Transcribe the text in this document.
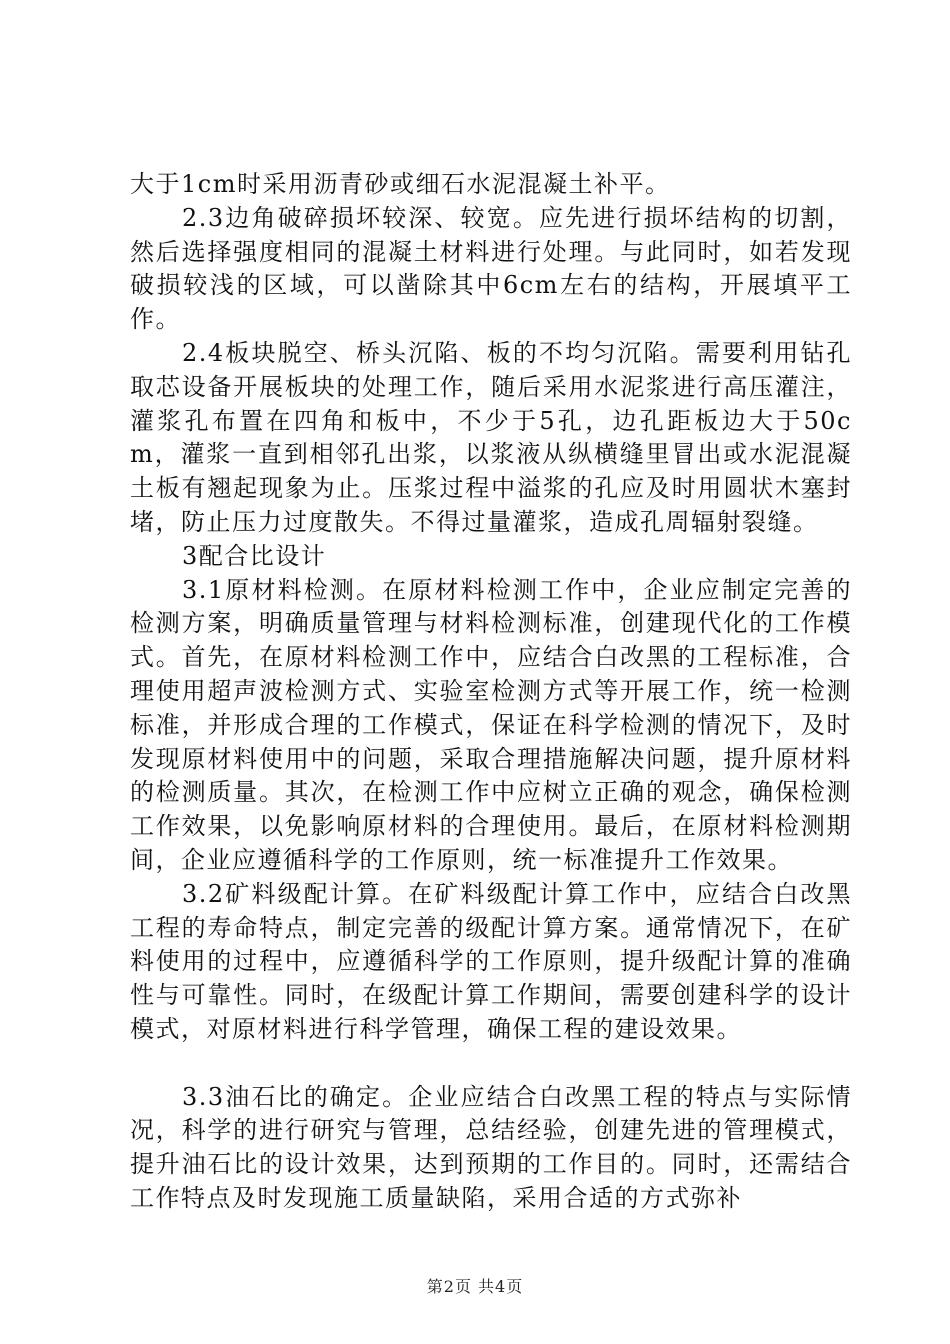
大于1cm时采用沥青砂或细石水泥混凝土补平。

2.3边角破碎损坏较深、较宽。应先进行损坏结构的切割，然后选择强度相同的混凝土材料进行处理。与此同时，如若发现破损较浅的区域，可以凿除其中6cm左右的结构，开展填平工作。

2.4板块脱空、桥头沉陷、板的不均匀沉陷。需要利用钻孔取芯设备开展板块的处理工作，随后采用水泥浆进行高压灌注，灌浆孔布置在四角和板中，不少于5孔，边孔距板边大于50cm，灌浆一直到相邻孔出浆，以浆液从纵横缝里冒出或水泥混凝土板有翘起现象为止。压浆过程中溢浆的孔应及时用圆状木塞封堵，防止压力过度散失。不得过量灌浆，造成孔周辐射裂缝。

3配合比设计

3.1原材料检测。在原材料检测工作中，企业应制定完善的检测方案，明确质量管理与材料检测标准，创建现代化的工作模式。首先，在原材料检测工作中，应结合白改黑的工程标准，合理使用超声波检测方式、实验室检测方式等开展工作，统一检测标准，并形成合理的工作模式，保证在科学检测的情况下，及时发现原材料使用中的问题，采取合理措施解决问题，提升原材料的检测质量。其次，在检测工作中应树立正确的观念，确保检测工作效果，以免影响原材料的合理使用。最后，在原材料检测期间，企业应遵循科学的工作原则，统一标准提升工作效果。

3.2矿料级配计算。在矿料级配计算工作中，应结合白改黑工程的寿命特点，制定完善的级配计算方案。通常情况下，在矿料使用的过程中，应遵循科学的工作原则，提升级配计算的准确性与可靠性。同时，在级配计算工作期间，需要创建科学的设计模式，对原材料进行科学管理，确保工程的建设效果。

3.3油石比的确定。企业应结合白改黑工程的特点与实际情况，科学的进行研究与管理，总结经验，创建先进的管理模式，提升油石比的设计效果，达到预期的工作目的。同时，还需结合工作特点及时发现施工质量缺陷，采用合适的方式弥补

第2页 共4页
